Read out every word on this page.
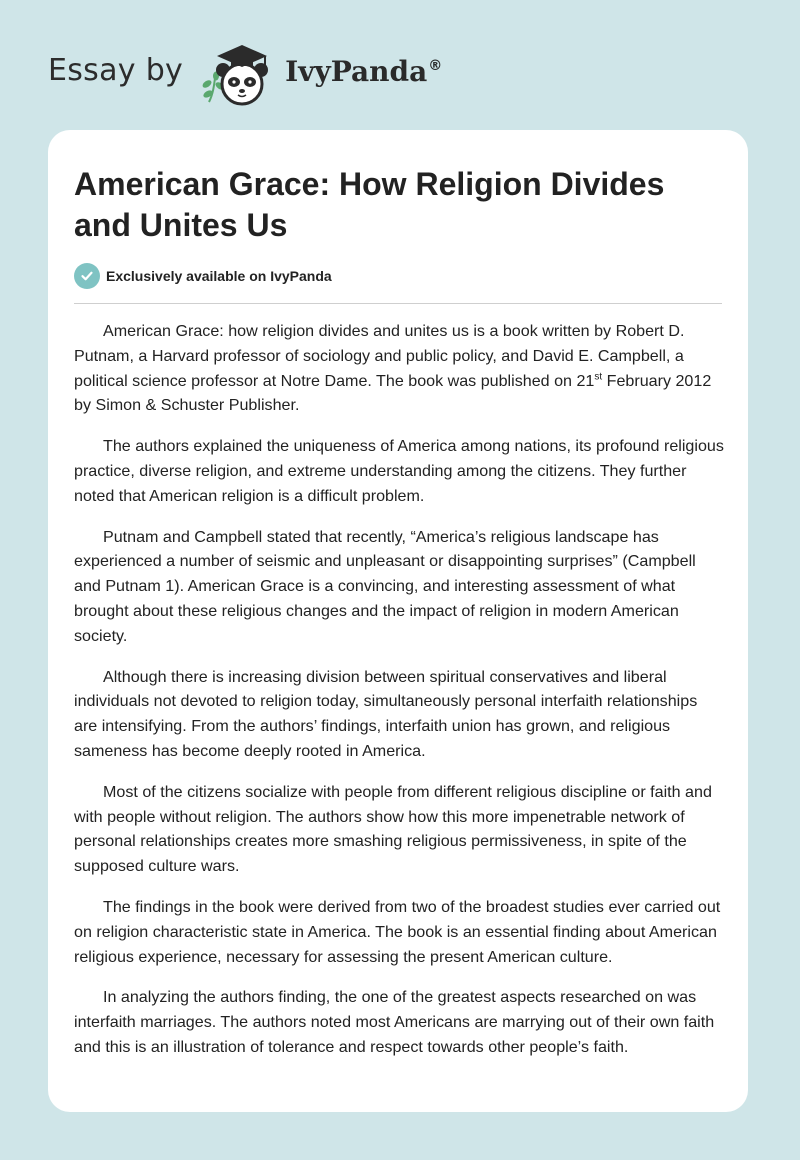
Essay by	IvyPanda®
American Grace: How Religion Divides and Unites Us
Exclusively available on IvyPanda

American Grace: how religion divides and unites us is a book written by Robert D. Putnam, a Harvard professor of sociology and public policy, and David E. Campbell, a political science professor at Notre Dame. The book was published on 21st February 2012 by Simon & Schuster Publisher.

The authors explained the uniqueness of America among nations, its profound religious practice, diverse religion, and extreme understanding among the citizens. They further noted that American religion is a difficult problem.

Putnam and Campbell stated that recently, “America’s religious landscape has experienced a number of seismic and unpleasant or disappointing surprises” (Campbell and Putnam 1). American Grace is a convincing, and interesting assessment of what brought about these religious changes and the impact of religion in modern American society.

Although there is increasing division between spiritual conservatives and liberal individuals not devoted to religion today, simultaneously personal interfaith relationships are intensifying. From the authors’ findings, interfaith union has grown, and religious sameness has become deeply rooted in America.

Most of the citizens socialize with people from different religious discipline or faith and with people without religion. The authors show how this more impenetrable network of personal relationships creates more smashing religious permissiveness, in spite of the supposed culture wars.

The findings in the book were derived from two of the broadest studies ever carried out on religion characteristic state in America. The book is an essential finding about American religious experience, necessary for assessing the present American culture.

In analyzing the authors finding, the one of the greatest aspects researched on was interfaith marriages. The authors noted most Americans are marrying out of their own faith and this is an illustration of tolerance and respect towards other people’s faith.
